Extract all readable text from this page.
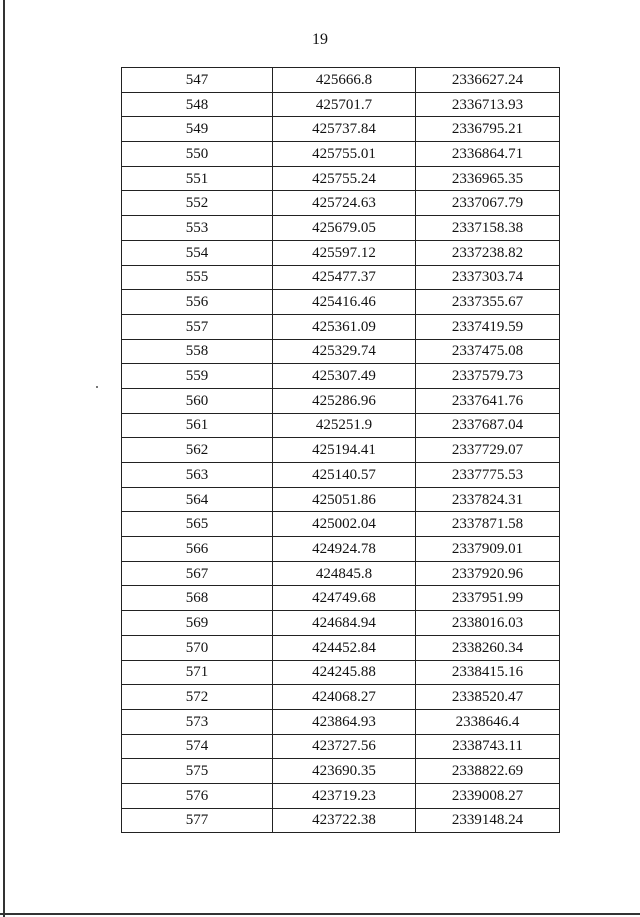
19
547	425666.8	2336627.24
548	425701.7	2336713.93
549	425737.84	2336795.21
550	425755.01	2336864.71
551	425755.24	2336965.35
552	425724.63	2337067.79
553	425679.05	2337158.38
554	425597.12	2337238.82
555	425477.37	2337303.74
556	425416.46	2337355.67
557	425361.09	2337419.59
558	425329.74	2337475.08
559	425307.49	2337579.73
560	425286.96	2337641.76
561	425251.9	2337687.04
562	425194.41	2337729.07
563	425140.57	2337775.53
564	425051.86	2337824.31
565	425002.04	2337871.58
566	424924.78	2337909.01
567	424845.8	2337920.96
568	424749.68	2337951.99
569	424684.94	2338016.03
570	424452.84	2338260.34
571	424245.88	2338415.16
572	424068.27	2338520.47
573	423864.93	2338646.4
574	423727.56	2338743.11
575	423690.35	2338822.69
576	423719.23	2339008.27
577	423722.38	2339148.24
